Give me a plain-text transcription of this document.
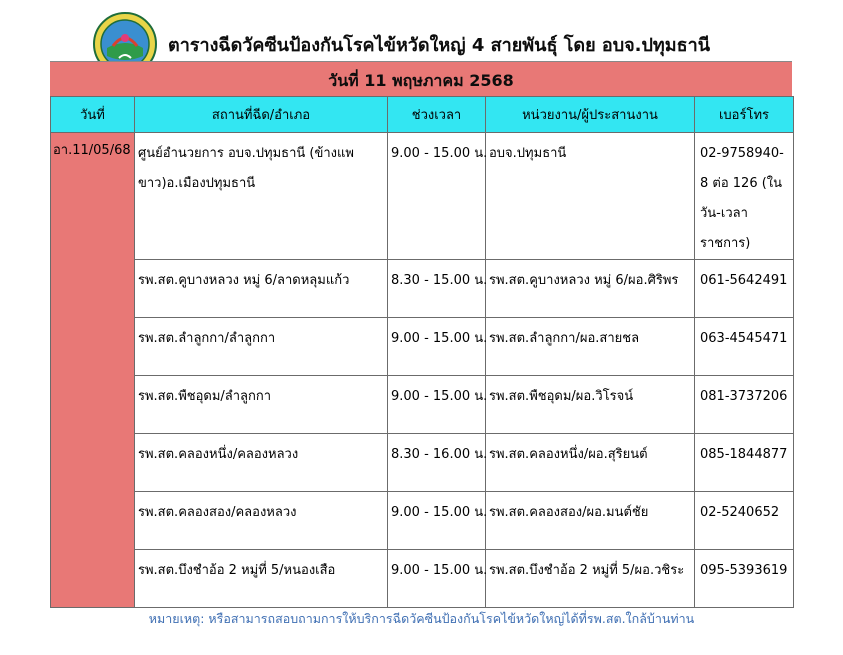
ตารางฉีดวัคซีนป้องกันโรคไข้หวัดใหญ่ 4 สายพันธุ์ โดย อบจ.ปทุมธานี
วันที่ 11 พฤษภาคม 2568
วันที่	สถานที่ฉีด/อำเภอ	ช่วงเวลา	หน่วยงาน/ผู้ประสานงาน	เบอร์โทร
อา.11/05/68	ศูนย์อำนวยการ อบจ.ปทุมธานี (ข้างแพขาว)อ.เมืองปทุมธานี	9.00 - 15.00 น.	อบจ.ปทุมธานี	02-9758940-8 ต่อ 126 (ในวัน-เวลาราชการ)
	รพ.สต.คูบางหลวง หมู่ 6/ลาดหลุมแก้ว	8.30 - 15.00 น.	รพ.สต.คูบางหลวง หมู่ 6/ผอ.ศิริพร	061-5642491
	รพ.สต.ลำลูกกา/ลำลูกกา	9.00 - 15.00 น.	รพ.สต.ลำลูกกา/ผอ.สายชล	063-4545471
	รพ.สต.พืชอุดม/ลำลูกกา	9.00 - 15.00 น.	รพ.สต.พืชอุดม/ผอ.วิโรจน์	081-3737206
	รพ.สต.คลองหนึ่ง/คลองหลวง	8.30 - 16.00 น.	รพ.สต.คลองหนึ่ง/ผอ.สุริยนต์	085-1844877
	รพ.สต.คลองสอง/คลองหลวง	9.00 - 15.00 น.	รพ.สต.คลองสอง/ผอ.มนต์ชัย	02-5240652
	รพ.สต.บึงชำอ้อ 2 หมู่ที่ 5/หนองเสือ	9.00 - 15.00 น.	รพ.สต.บึงชำอ้อ 2 หมู่ที่ 5/ผอ.วชิระ	095-5393619
หมายเหตุ: หรือสามารถสอบถามการให้บริการฉีดวัคซีนป้องกันโรคไข้หวัดใหญ่ได้ที่รพ.สต.ใกล้บ้านท่าน
